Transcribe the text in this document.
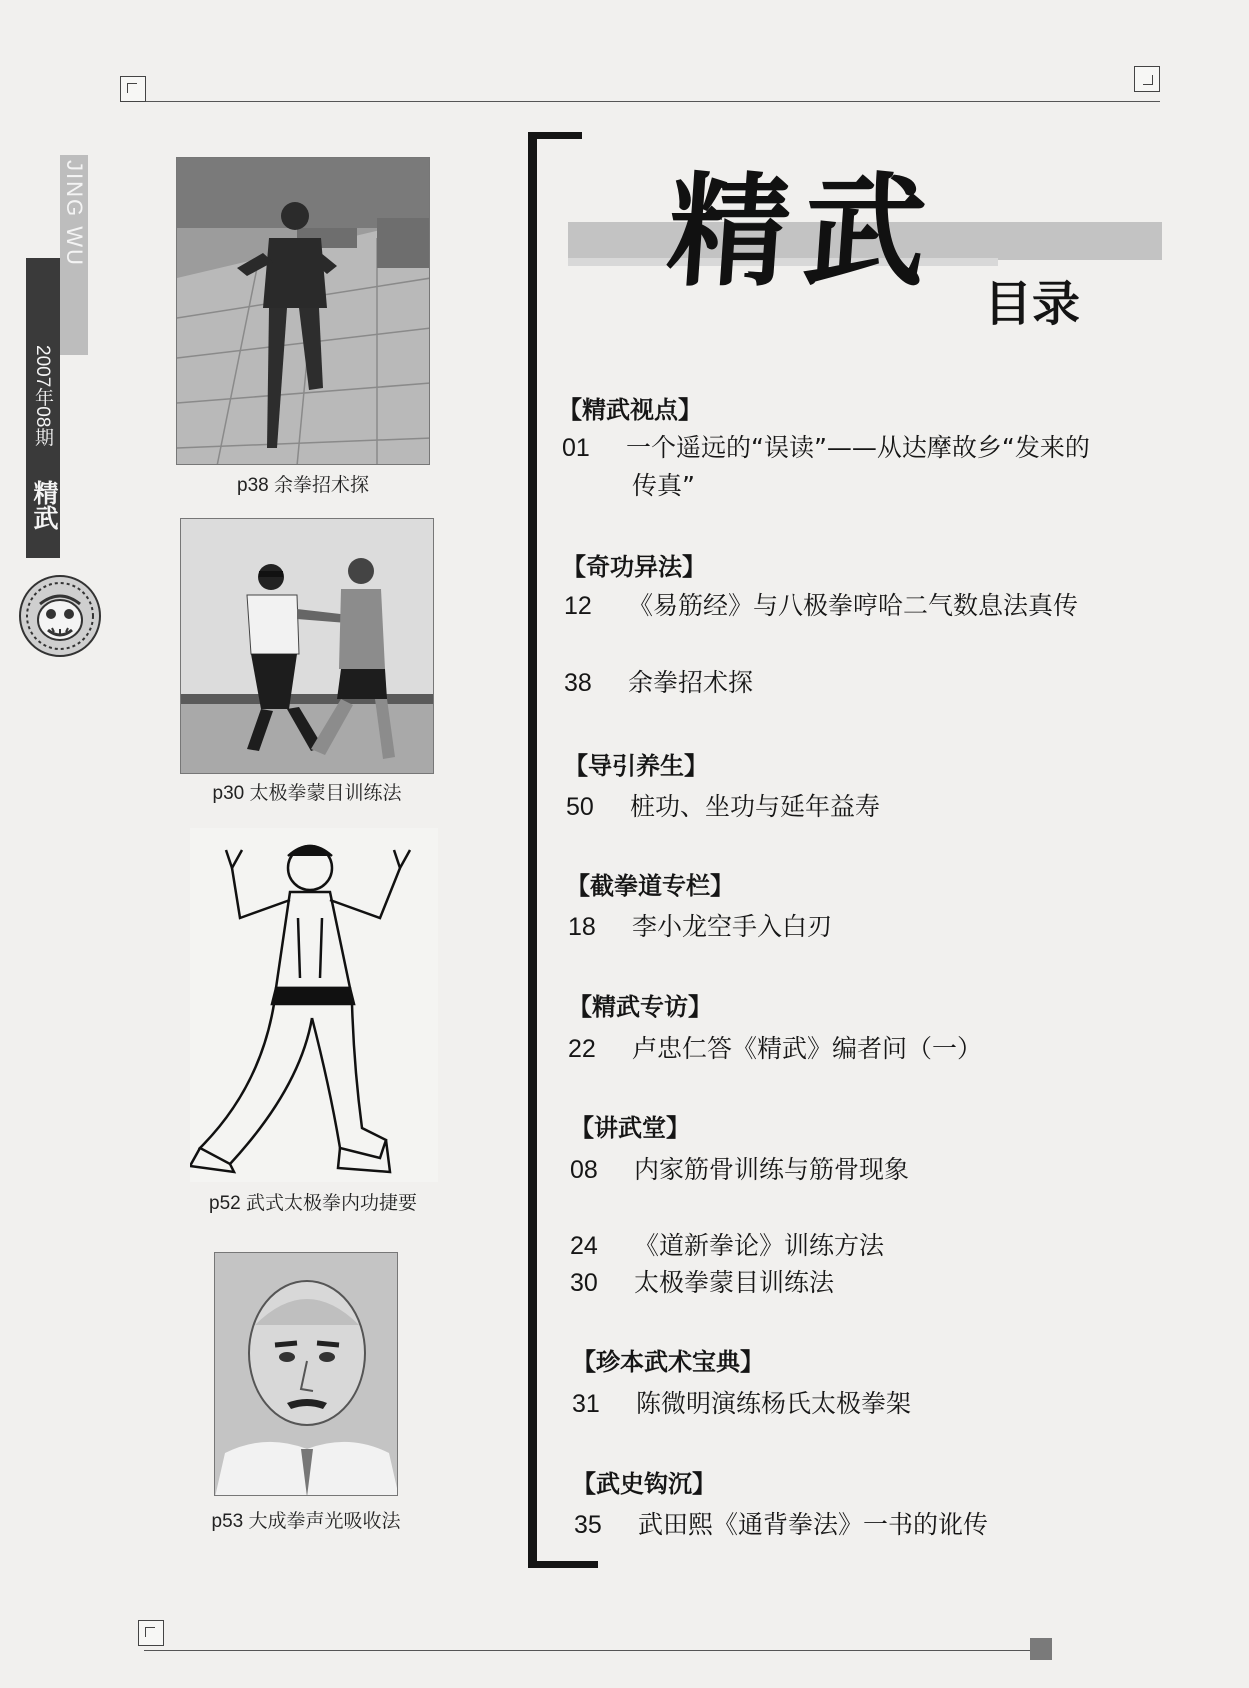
JING WU
2007年08期
精武	p38 余拳招术探
p30 太极拳蒙目训练法
p52 武式太极拳内功捷要
p53 大成拳声光吸收法
精武
目录
【精武视点】
01 一个遥远的“误读”——从达摩故乡“发来的
传真”
【奇功异法】
12 《易筋经》与八极拳哼哈二气数息法真传
38 余拳招术探
【导引养生】
50 桩功、坐功与延年益寿
【截拳道专栏】
18 李小龙空手入白刃
【精武专访】
22 卢忠仁答《精武》编者问（一）
【讲武堂】
08 内家筋骨训练与筋骨现象
24 《道新拳论》训练方法
30 太极拳蒙目训练法
【珍本武术宝典】
31 陈微明演练杨氏太极拳架
【武史钩沉】
35 武田熙《通背拳法》一书的讹传
